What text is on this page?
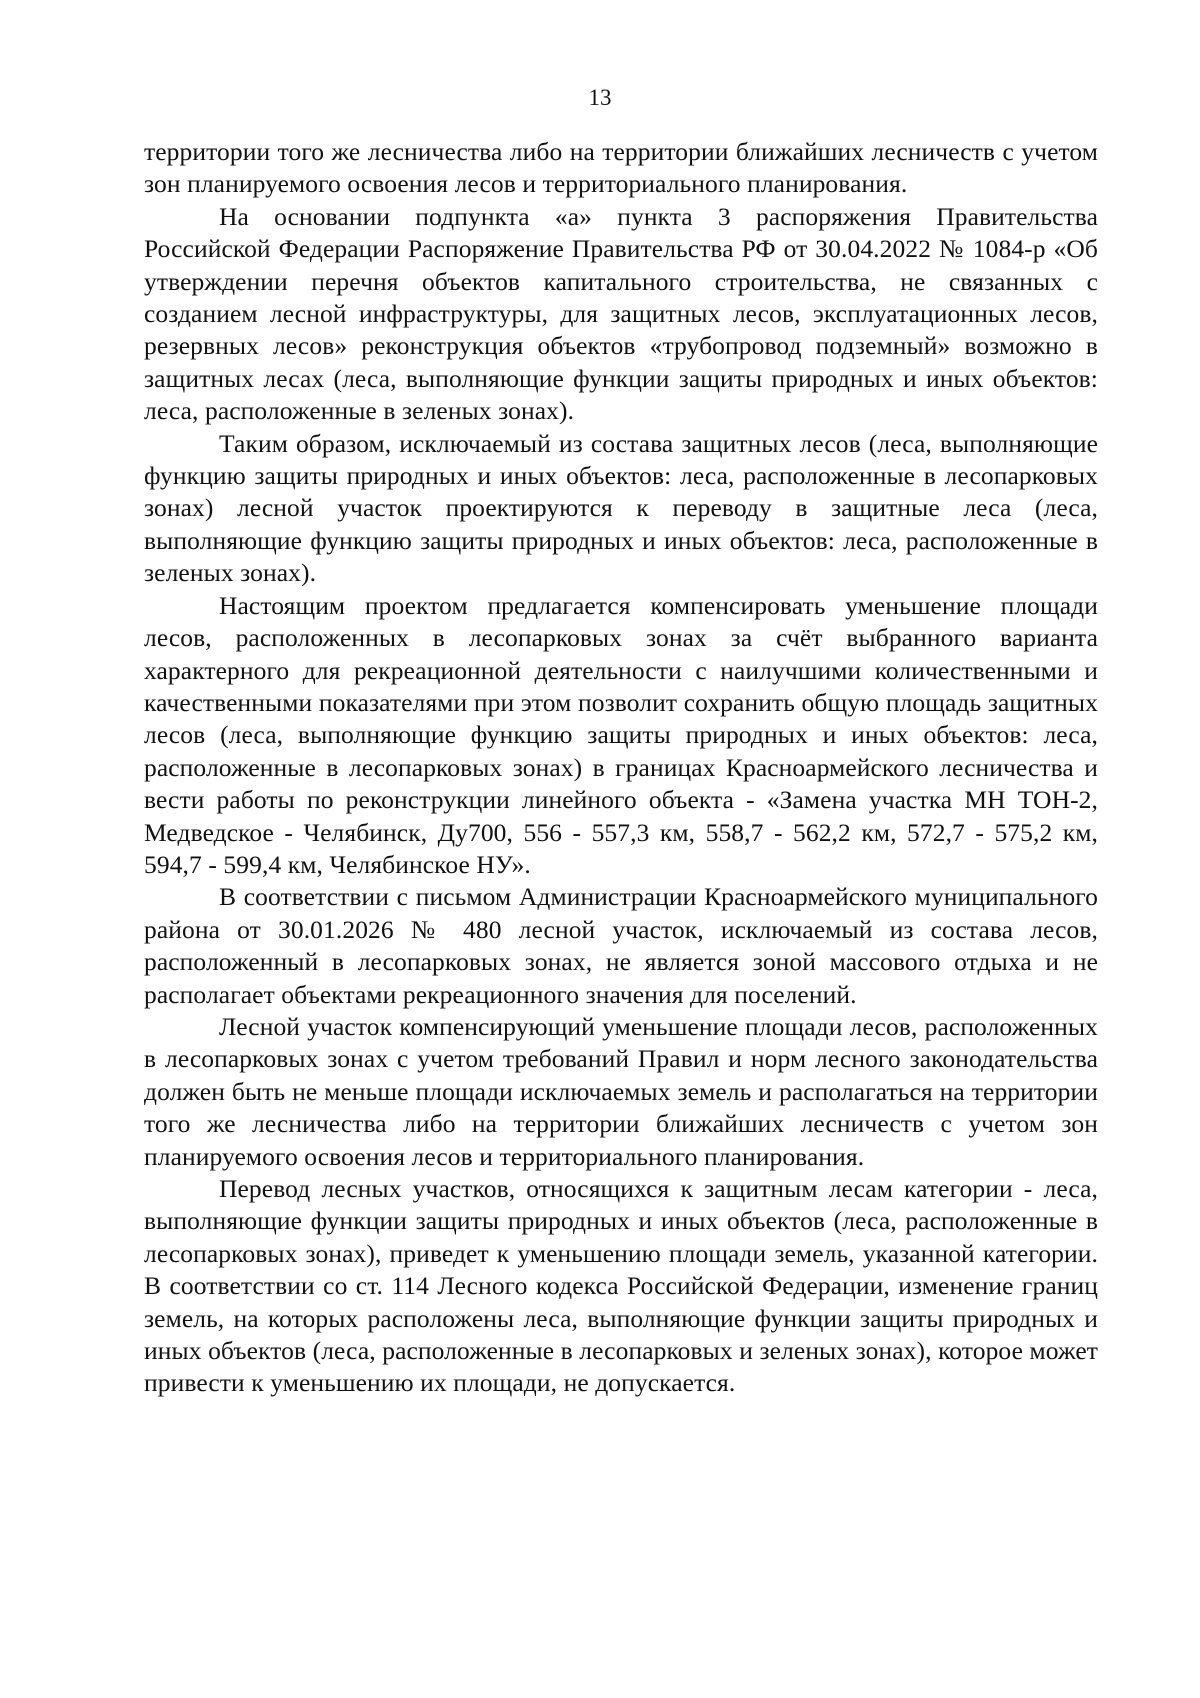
13

территории того же лесничества либо на территории ближайших лесничеств с учетом зон планируемого освоения лесов и территориального планирования.

На основании подпункта «а» пункта 3 распоряжения Правительства Российской Федерации Распоряжение Правительства РФ от 30.04.2022 № 1084-р «Об утверждении перечня объектов капитального строительства, не связанных с созданием лесной инфраструктуры, для защитных лесов, эксплуатационных лесов, резервных лесов» реконструкция объектов «трубопровод подземный» возможно в защитных лесах (леса, выполняющие функции защиты природных и иных объектов: леса, расположенные в зеленых зонах).

Таким образом, исключаемый из состава защитных лесов (леса, выполняющие функцию защиты природных и иных объектов: леса, расположенные в лесопарковых зонах) лесной участок проектируются к переводу в защитные леса (леса, выполняющие функцию защиты природных и иных объектов: леса, расположенные в зеленых зонах).

Настоящим проектом предлагается компенсировать уменьшение площади лесов, расположенных в лесопарковых зонах за счёт выбранного варианта характерного для рекреационной деятельности с наилучшими количественными и качественными показателями при этом позволит сохранить общую площадь защитных лесов (леса, выполняющие функцию защиты природных и иных объектов: леса, расположенные в лесопарковых зонах) в границах Красноармейского лесничества и вести работы по реконструкции линейного объекта - «Замена участка МН ТОН-2, Медведское - Челябинск, Ду700, 556 - 557,3 км, 558,7 - 562,2 км, 572,7 - 575,2 км, 594,7 - 599,4 км, Челябинское НУ».

В соответствии с письмом Администрации Красноармейского муниципального района от 30.01.2026 № 480 лесной участок, исключаемый из состава лесов, расположенный в лесопарковых зонах, не является зоной массового отдыха и не располагает объектами рекреационного значения для поселений.

Лесной участок компенсирующий уменьшение площади лесов, расположенных в лесопарковых зонах с учетом требований Правил и норм лесного законодательства должен быть не меньше площади исключаемых земель и располагаться на территории того же лесничества либо на территории ближайших лесничеств с учетом зон планируемого освоения лесов и территориального планирования.

Перевод лесных участков, относящихся к защитным лесам категории - леса, выполняющие функции защиты природных и иных объектов (леса, расположенные в лесопарковых зонах), приведет к уменьшению площади земель, указанной категории. В соответствии со ст. 114 Лесного кодекса Российской Федерации, изменение границ земель, на которых расположены леса, выполняющие функции защиты природных и иных объектов (леса, расположенные в лесопарковых и зеленых зонах), которое может привести к уменьшению их площади, не допускается.
